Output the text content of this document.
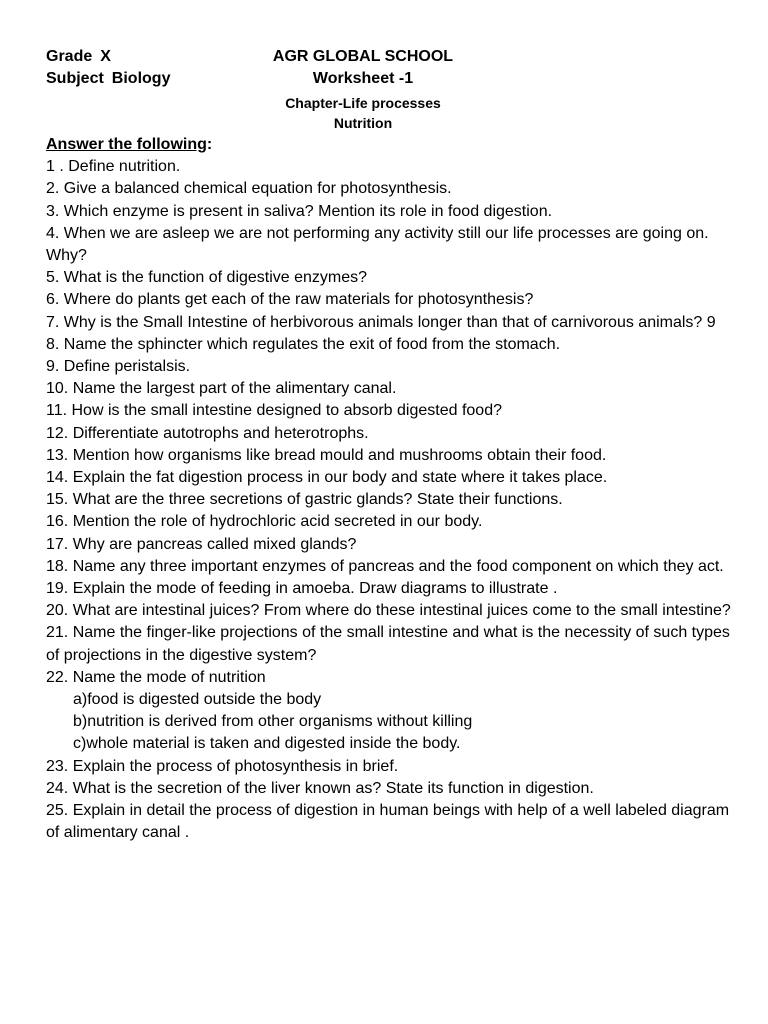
Grade X
Subject Biology
AGR GLOBAL SCHOOL
Worksheet -1
Chapter-Life processes
Nutrition
Answer the following:

1 . Define nutrition.

2. Give a balanced chemical equation for photosynthesis.

3. Which enzyme is present in saliva? Mention its role in food digestion.

4. When we are asleep we are not performing any activity still our life processes are going on. Why?

5. What is the function of digestive enzymes?

6. Where do plants get each of the raw materials for photosynthesis?

7. Why is the Small Intestine of herbivorous animals longer than that of carnivorous animals? 9

8. Name the sphincter which regulates the exit of food from the stomach.

9. Define peristalsis.

10. Name the largest part of the alimentary canal.

11. How is the small intestine designed to absorb digested food?

12. Differentiate autotrophs and heterotrophs.

13. Mention how organisms like bread mould and mushrooms obtain their food.

14. Explain the fat digestion process in our body and state where it takes place.

15. What are the three secretions of gastric glands? State their functions.

16. Mention the role of hydrochloric acid secreted in our body.

17. Why are pancreas called mixed glands?

18. Name any three important enzymes of pancreas and the food component on which they act.

19. Explain the mode of feeding in amoeba. Draw diagrams to illustrate .

20. What are intestinal juices? From where do these intestinal juices come to the small intestine?

21. Name the finger-like projections of the small intestine and what is the necessity of such types of projections in the digestive system?

22. Name the mode of nutrition

a)food is digested outside the body

b)nutrition is derived from other organisms without killing

c)whole material is taken and digested inside the body.

23. Explain the process of photosynthesis in brief.

24. What is the secretion of the liver known as? State its function in digestion.

25. Explain in detail the process of digestion in human beings with help of a well labeled diagram of alimentary canal .
